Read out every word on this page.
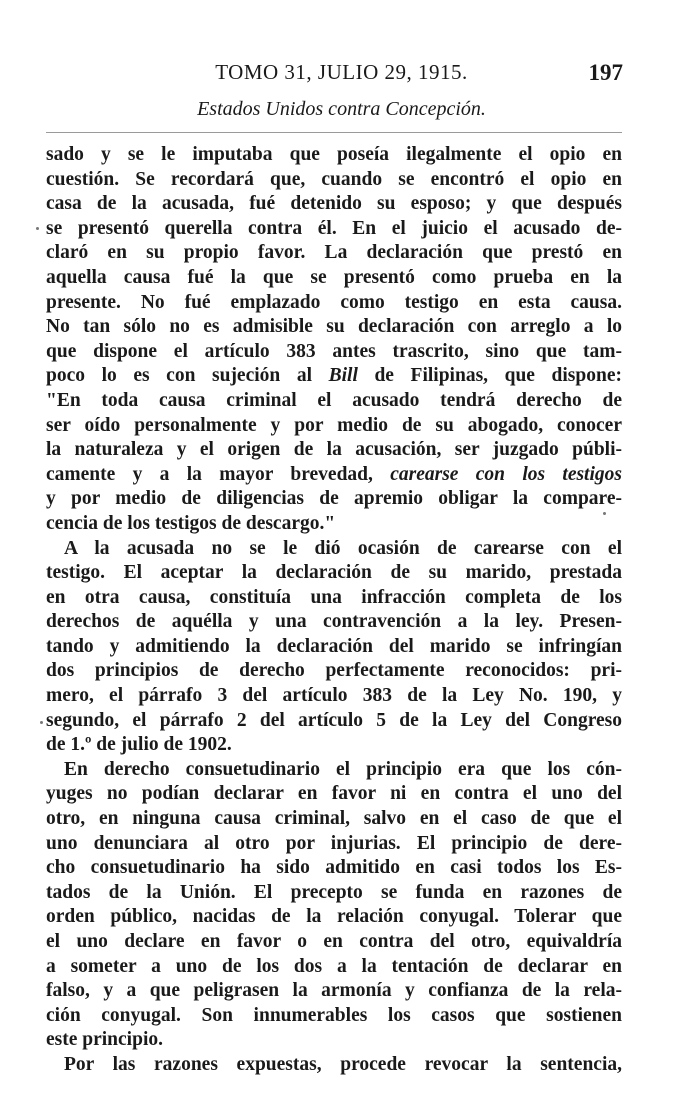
TOMO 31, JULIO 29, 1915.	197
Estados Unidos contra Concepción.
sado y se le imputaba que poseía ilegalmente el opio en
cuestión. Se recordará que, cuando se encontró el opio en
casa de la acusada, fué detenido su esposo; y que después
se presentó querella contra él. En el juicio el acusado de-
claró en su propio favor. La declaración que prestó en
aquella causa fué la que se presentó como prueba en la
presente. No fué emplazado como testigo en esta causa.
No tan sólo no es admisible su declaración con arreglo a lo
que dispone el artículo 383 antes trascrito, sino que tam-
poco lo es con sujeción al Bill de Filipinas, que dispone:
"En toda causa criminal el acusado tendrá derecho de
ser oído personalmente y por medio de su abogado, conocer
la naturaleza y el origen de la acusación, ser juzgado públi-
camente y a la mayor brevedad, carearse con los testigos
y por medio de diligencias de apremio obligar la compare-
cencia de los testigos de descargo."
A la acusada no se le dió ocasión de carearse con el
testigo. El aceptar la declaración de su marido, prestada
en otra causa, constituía una infracción completa de los
derechos de aquélla y una contravención a la ley. Presen-
tando y admitiendo la declaración del marido se infringían
dos principios de derecho perfectamente reconocidos: pri-
mero, el párrafo 3 del artículo 383 de la Ley No. 190, y
segundo, el párrafo 2 del artículo 5 de la Ley del Congreso
de 1.º de julio de 1902.
En derecho consuetudinario el principio era que los cón-
yuges no podían declarar en favor ni en contra el uno del
otro, en ninguna causa criminal, salvo en el caso de que el
uno denunciara al otro por injurias. El principio de dere-
cho consuetudinario ha sido admitido en casi todos los Es-
tados de la Unión. El precepto se funda en razones de
orden público, nacidas de la relación conyugal. Tolerar que
el uno declare en favor o en contra del otro, equivaldría
a someter a uno de los dos a la tentación de declarar en
falso, y a que peligrasen la armonía y confianza de la rela-
ción conyugal. Son innumerables los casos que sostienen
este principio.
Por las razones expuestas, procede revocar la sentencia,
